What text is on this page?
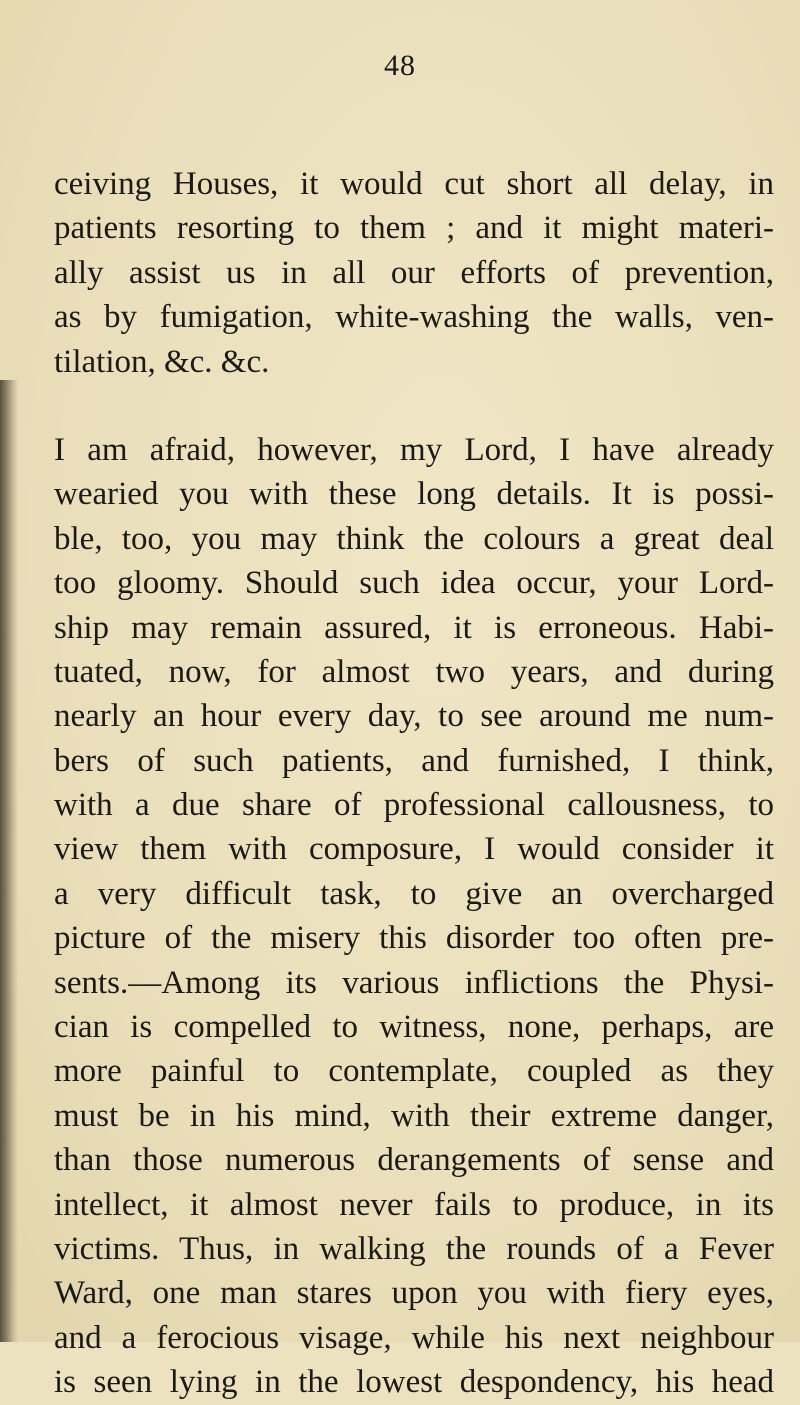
48
ceiving Houses, it would cut short all delay, in
patients resorting to them ; and it might materi-
ally assist us in all our efforts of prevention,
as by fumigation, white-washing the walls, ven-
tilation, &c. &c.
I am afraid, however, my Lord, I have already
wearied you with these long details. It is possi-
ble, too, you may think the colours a great deal
too gloomy. Should such idea occur, your Lord-
ship may remain assured, it is erroneous. Habi-
tuated, now, for almost two years, and during
nearly an hour every day, to see around me num-
bers of such patients, and furnished, I think,
with a due share of professional callousness, to
view them with composure, I would consider it
a very difficult task, to give an overcharged
picture of the misery this disorder too often pre-
sents.—Among its various inflictions the Physi-
cian is compelled to witness, none, perhaps, are
more painful to contemplate, coupled as they
must be in his mind, with their extreme danger,
than those numerous derangements of sense and
intellect, it almost never fails to produce, in its
victims. Thus, in walking the rounds of a Fever
Ward, one man stares upon you with fiery eyes,
and a ferocious visage, while his next neighbour
is seen lying in the lowest despondency, his head
